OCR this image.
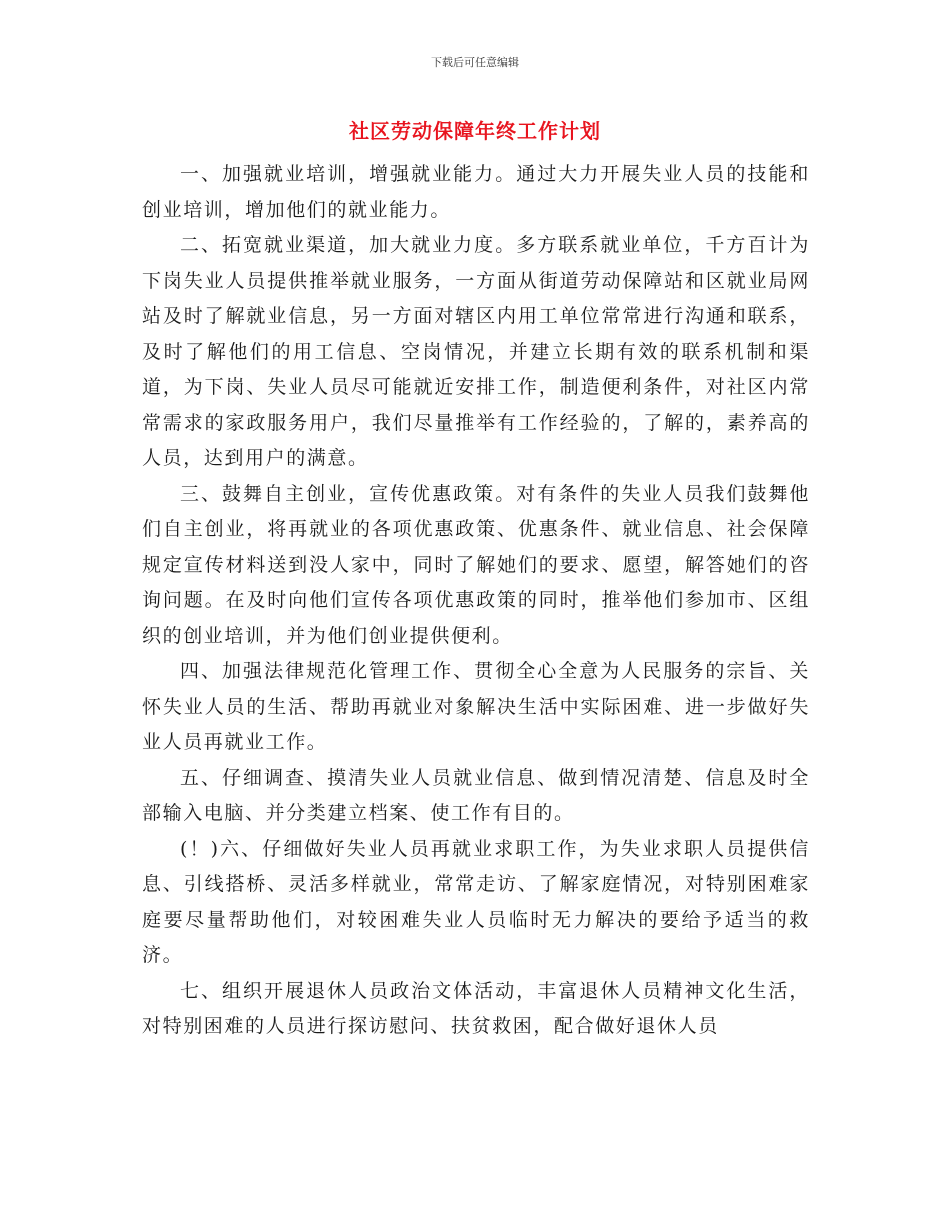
下载后可任意编辑
社区劳动保障年终工作计划

一、加强就业培训，增强就业能力。通过大力开展失业人员的技能和创业培训，增加他们的就业能力。

二、拓宽就业渠道，加大就业力度。多方联系就业单位，千方百计为下岗失业人员提供推举就业服务，一方面从街道劳动保障站和区就业局网站及时了解就业信息，另一方面对辖区内用工单位常常进行沟通和联系，及时了解他们的用工信息、空岗情况，并建立长期有效的联系机制和渠道，为下岗、失业人员尽可能就近安排工作，制造便利条件，对社区内常常需求的家政服务用户，我们尽量推举有工作经验的，了解的，素养高的人员，达到用户的满意。

三、鼓舞自主创业，宣传优惠政策。对有条件的失业人员我们鼓舞他们自主创业，将再就业的各项优惠政策、优惠条件、就业信息、社会保障规定宣传材料送到没人家中，同时了解她们的要求、愿望，解答她们的咨询问题。在及时向他们宣传各项优惠政策的同时，推举他们参加市、区组织的创业培训，并为他们创业提供便利。

四、加强法律规范化管理工作、贯彻全心全意为人民服务的宗旨、关怀失业人员的生活、帮助再就业对象解决生活中实际困难、进一步做好失业人员再就业工作。

五、仔细调查、摸清失业人员就业信息、做到情况清楚、信息及时全部输入电脑、并分类建立档案、使工作有目的。

(！)六、仔细做好失业人员再就业求职工作，为失业求职人员提供信息、引线搭桥、灵活多样就业，常常走访、了解家庭情况，对特别困难家庭要尽量帮助他们，对较困难失业人员临时无力解决的要给予适当的救济。

七、组织开展退休人员政治文体活动，丰富退休人员精神文化生活，对特别困难的人员进行探访慰问、扶贫救困，配合做好退休人员
